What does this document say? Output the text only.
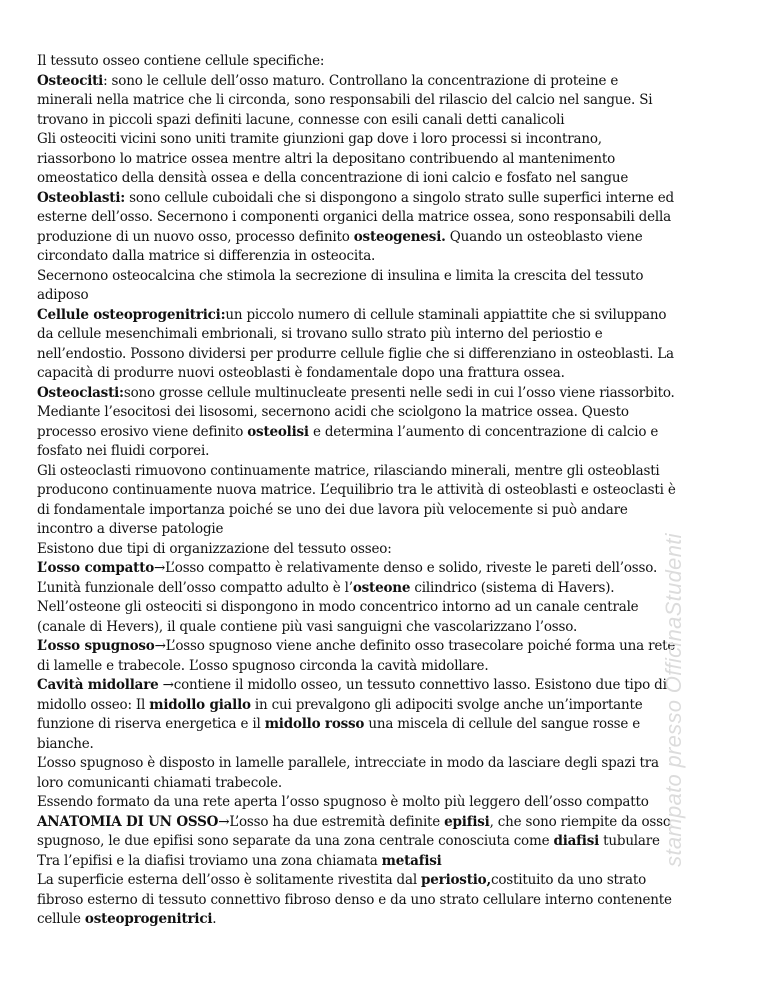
Il tessuto osseo contiene cellule specifiche:

Osteociti: sono le cellule dell’osso maturo. Controllano la concentrazione di proteine e minerali nella matrice che li circonda, sono responsabili del rilascio del calcio nel sangue. Si trovano in piccoli spazi definiti lacune, connesse con esili canali detti canalicoli

Gli osteociti vicini sono uniti tramite giunzioni gap dove i loro processi si incontrano, riassorbono lo matrice ossea mentre altri la depositano contribuendo al mantenimento omeostatico della densità ossea e della concentrazione di ioni calcio e fosfato nel sangue

Osteoblasti: sono cellule cuboidali che si dispongono a singolo strato sulle superfici interne ed esterne dell’osso. Secernono i componenti organici della matrice ossea, sono responsabili della produzione di un nuovo osso, processo definito osteogenesi. Quando un osteoblasto viene circondato dalla matrice si differenzia in osteocita.

Secernono osteocalcina che stimola la secrezione di insulina e limita la crescita del tessuto adiposo

Cellule osteoprogenitrici:un piccolo numero di cellule staminali appiattite che si sviluppano da cellule mesenchimali embrionali, si trovano sullo strato più interno del periostio e nell’endostio. Possono dividersi per produrre cellule figlie che si differenziano in osteoblasti. La capacità di produrre nuovi osteoblasti è fondamentale dopo una frattura ossea.

Osteoclasti:sono grosse cellule multinucleate presenti nelle sedi in cui l’osso viene riassorbito. Mediante l’esocitosi dei lisosomi, secernono acidi che sciolgono la matrice ossea. Questo processo erosivo viene definito osteolisi e determina l’aumento di concentrazione di calcio e fosfato nei fluidi corporei.

Gli osteoclasti rimuovono continuamente matrice, rilasciando minerali, mentre gli osteoblasti producono continuamente nuova matrice. L’equilibrio tra le attività di osteoblasti e osteoclasti è di fondamentale importanza poiché se uno dei due lavora più velocemente si può andare incontro a diverse patologie

Esistono due tipi di organizzazione del tessuto osseo:

L’osso compatto→L’osso compatto è relativamente denso e solido, riveste le pareti dell’osso. L’unità funzionale dell’osso compatto adulto è l’osteone cilindrico (sistema di Havers). Nell’osteone gli osteociti si dispongono in modo concentrico intorno ad un canale centrale (canale di Hevers), il quale contiene più vasi sanguigni che vascolarizzano l’osso.

L’osso spugnoso→L’osso spugnoso viene anche definito osso trasecolare poiché forma una rete di lamelle e trabecole. L’osso spugnoso circonda la cavità midollare.

Cavità midollare →contiene il midollo osseo, un tessuto connettivo lasso. Esistono due tipo di midollo osseo: Il midollo giallo in cui prevalgono gli adipociti svolge anche un’importante funzione di riserva energetica e il midollo rosso una miscela di cellule del sangue rosse e bianche.

L’osso spugnoso è disposto in lamelle parallele, intrecciate in modo da lasciare degli spazi tra loro comunicanti chiamati trabecole.

Essendo formato da una rete aperta l’osso spugnoso è molto più leggero dell’osso compatto

ANATOMIA DI UN OSSO→L’osso ha due estremità definite epifisi, che sono riempite da osso spugnoso, le due epifisi sono separate da una zona centrale conosciuta come diafisi tubulare

Tra l’epifisi e la diafisi troviamo una zona chiamata metafisi

La superficie esterna dell’osso è solitamente rivestita dal periostio,costituito da uno strato fibroso esterno di tessuto connettivo fibroso denso e da uno strato cellulare interno contenente cellule osteoprogenitrici.

stampato presso OfficinaStudenti
